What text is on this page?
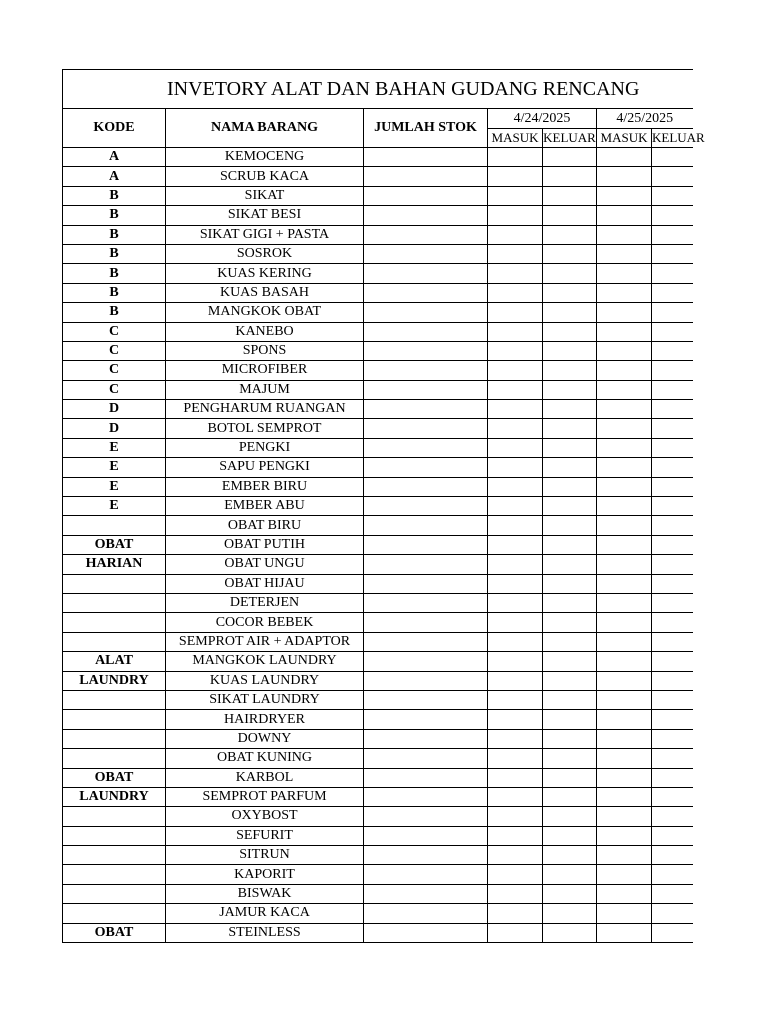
INVETORY ALAT DAN BAHAN GUDANG RENCANG						
KODE	NAMA BARANG	JUMLAH STOK	4/24/2025		4/25/2025	
			MASUK	KELUAR	MASUK	KELUAR
A	KEMOCENG					
A	SCRUB KACA					
B	SIKAT					
B	SIKAT BESI					
B	SIKAT GIGI + PASTA					
B	SOSROK					
B	KUAS KERING					
B	KUAS BASAH					
B	MANGKOK OBAT					
C	KANEBO					
C	SPONS					
C	MICROFIBER					
C	MAJUM					
D	PENGHARUM RUANGAN					
D	BOTOL SEMPROT					
E	PENGKI					
E	SAPU PENGKI					
E	EMBER BIRU					
E	EMBER ABU					
	OBAT BIRU					
OBAT	OBAT PUTIH					
HARIAN	OBAT UNGU					
	OBAT HIJAU					
	DETERJEN					
	COCOR BEBEK					
	SEMPROT AIR + ADAPTOR					
ALAT	MANGKOK LAUNDRY					
LAUNDRY	KUAS LAUNDRY					
	SIKAT LAUNDRY					
	HAIRDRYER					
	DOWNY					
	OBAT KUNING					
OBAT	KARBOL					
LAUNDRY	SEMPROT PARFUM					
	OXYBOST					
	SEFURIT					
	SITRUN					
	KAPORIT					
	BISWAK					
	JAMUR KACA					
OBAT	STEINLESS					
